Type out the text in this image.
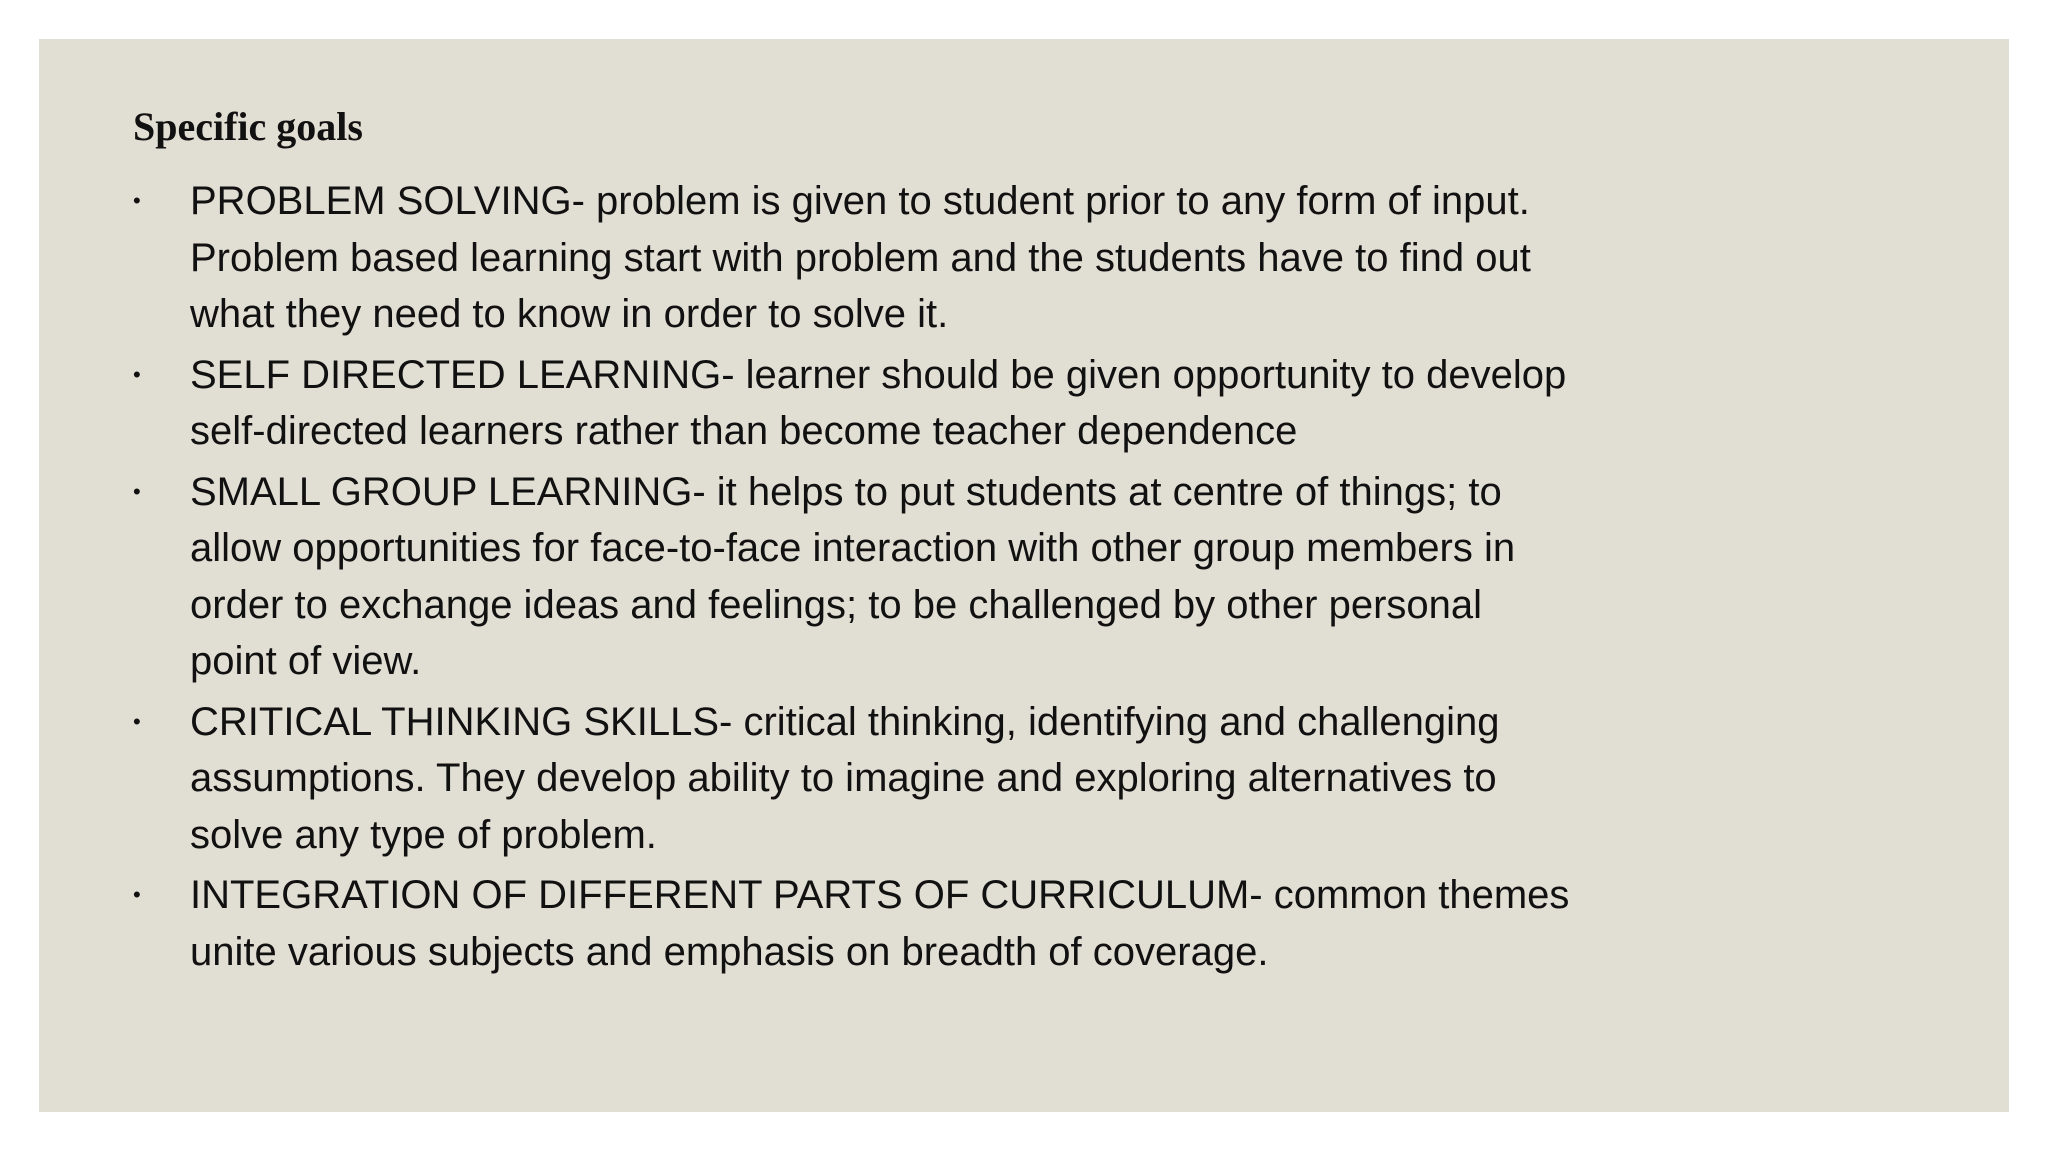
Specific goals
•	PROBLEM SOLVING- problem is given to student prior to any form of input. Problem based learning start with problem and the students have to find out what they need to know in order to solve it.
•	SELF DIRECTED LEARNING- learner should be given opportunity to develop self-directed learners rather than become teacher dependence
•	SMALL GROUP LEARNING- it helps to put students at centre of things; to allow opportunities for face-to-face interaction with other group members in order to exchange ideas and feelings; to be challenged by other personal point of view.
•	CRITICAL THINKING SKILLS- critical thinking, identifying and challenging assumptions. They develop ability to imagine and exploring alternatives to solve any type of problem.
•	INTEGRATION OF DIFFERENT PARTS OF CURRICULUM- common themes unite various subjects and emphasis on breadth of coverage.
